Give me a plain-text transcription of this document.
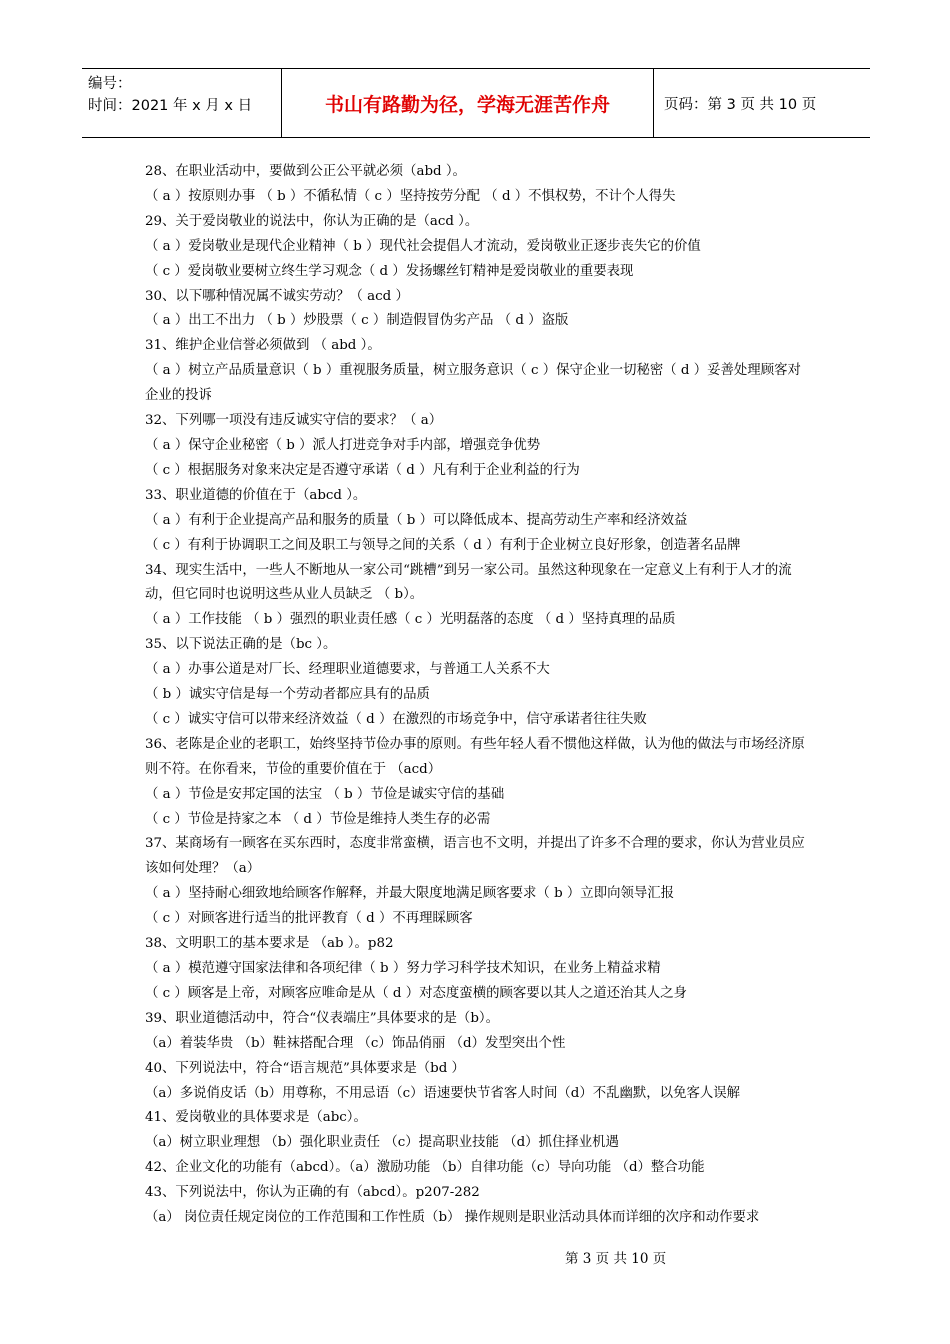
编号：
时间：2021 年 x 月 x 日	书山有路勤为径，学海无涯苦作舟	页码：第 3 页 共 10 页
28、在职业活动中，要做到公正公平就必须（abd ）。
（ a ）按原则办事 （ b ）不循私情（ c ）坚持按劳分配 （ d ）不惧权势，不计个人得失
29、关于爱岗敬业的说法中，你认为正确的是（acd ）。
（ a ）爱岗敬业是现代企业精神（ b ）现代社会提倡人才流动，爱岗敬业正逐步丧失它的价值
（ c ）爱岗敬业要树立终生学习观念（ d ）发扬螺丝钉精神是爱岗敬业的重要表现
30、以下哪种情况属不诚实劳动？（ acd ）
（ a ）出工不出力 （ b ）炒股票（ c ）制造假冒伪劣产品 （ d ）盗版
31、维护企业信誉必须做到 （ abd ）。
（ a ）树立产品质量意识（ b ）重视服务质量，树立服务意识（ c ）保守企业一切秘密（ d ）妥善处理顾客对企业的投诉
32、下列哪一项没有违反诚实守信的要求？（ a）
（ a ）保守企业秘密（ b ）派人打进竞争对手内部，增强竞争优势
（ c ）根据服务对象来决定是否遵守承诺（ d ）凡有利于企业利益的行为
33、职业道德的价值在于（abcd ）。
（ a ）有利于企业提高产品和服务的质量（ b ）可以降低成本、提高劳动生产率和经济效益
（ c ）有利于协调职工之间及职工与领导之间的关系（ d ）有利于企业树立良好形象，创造著名品牌
34、现实生活中，一些人不断地从一家公司“跳槽”到另一家公司。虽然这种现象在一定意义上有利于人才的流动，但它同时也说明这些从业人员缺乏 （ b）。
（ a ）工作技能 （ b ）强烈的职业责任感（ c ）光明磊落的态度 （ d ）坚持真理的品质
35、以下说法正确的是（bc ）。
（ a ）办事公道是对厂长、经理职业道德要求，与普通工人关系不大
（ b ）诚实守信是每一个劳动者都应具有的品质
（ c ）诚实守信可以带来经济效益（ d ）在激烈的市场竞争中，信守承诺者往往失败
36、老陈是企业的老职工，始终坚持节俭办事的原则。有些年轻人看不惯他这样做，认为他的做法与市场经济原则不符。在你看来，节俭的重要价值在于 （acd）
（ a ）节俭是安邦定国的法宝 （ b ）节俭是诚实守信的基础
（ c ）节俭是持家之本 （ d ）节俭是维持人类生存的必需
37、某商场有一顾客在买东西时，态度非常蛮横，语言也不文明，并提出了许多不合理的要求，你认为营业员应该如何处理？（a）
（ a ）坚持耐心细致地给顾客作解释，并最大限度地满足顾客要求（ b ）立即向领导汇报
（ c ）对顾客进行适当的批评教育（ d ）不再理睬顾客
38、文明职工的基本要求是 （ab ）。p82
（ a ）模范遵守国家法律和各项纪律（ b ）努力学习科学技术知识，在业务上精益求精
（ c ）顾客是上帝，对顾客应唯命是从（ d ）对态度蛮横的顾客要以其人之道还治其人之身
39、职业道德活动中，符合“仪表端庄”具体要求的是（b）。
（a）着装华贵 （b）鞋袜搭配合理 （c）饰品俏丽 （d）发型突出个性
40、下列说法中，符合“语言规范”具体要求是（bd ）
（a）多说俏皮话（b）用尊称，不用忌语（c）语速要快节省客人时间（d）不乱幽默，以免客人误解
41、爱岗敬业的具体要求是（abc）。
（a）树立职业理想 （b）强化职业责任 （c）提高职业技能 （d）抓住择业机遇
42、企业文化的功能有（abcd）。（a）激励功能 （b）自律功能（c）导向功能 （d）整合功能
43、下列说法中，你认为正确的有（abcd）。p207-282
（a） 岗位责任规定岗位的工作范围和工作性质（b） 操作规则是职业活动具体而详细的次序和动作要求
第 3 页 共 10 页
